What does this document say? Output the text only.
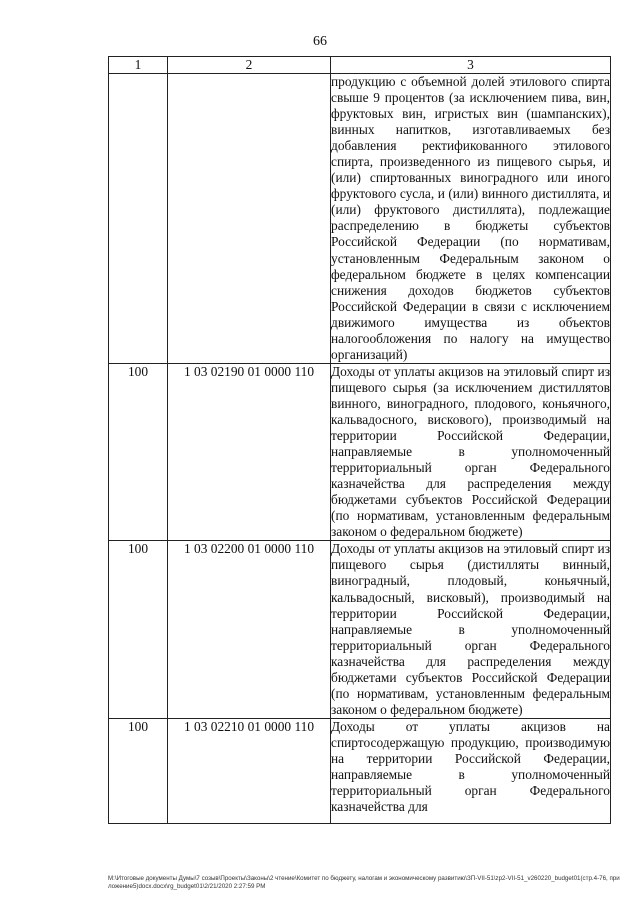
66
1	2	3
		продукцию с объемной долей этилового спирта свыше 9 процентов (за исключением пива, вин, фруктовых вин, игристых вин (шампанских), винных напитков, изготавливаемых без добавления ректификованного этилового спирта, произведенного из пищевого сырья, и (или) спиртованных виноградного или иного фруктового сусла, и (или) винного дистиллята, и (или) фруктового дистиллята), подлежащие распределению в бюджеты субъектов Российской Федерации (по нормативам, установленным Федеральным законом о федеральном бюджете в целях компенсации снижения доходов бюджетов субъектов Российской Федерации в связи с исключением движимого имущества из объектов налогообложения по налогу на имущество организаций)
100	1 03 02190 01 0000 110	Доходы от уплаты акцизов на этиловый спирт из пищевого сырья (за исключением дистиллятов винного, виноградного, плодового, коньячного, кальвадосного, вискового), производимый на территории Российской Федерации, направляемые в уполномоченный территориальный орган Федерального казначейства для распределения между бюджетами субъектов Российской Федерации (по нормативам, установленным федеральным законом о федеральном бюджете)
100	1 03 02200 01 0000 110	Доходы от уплаты акцизов на этиловый спирт из пищевого сырья (дистилляты винный, виноградный, плодовый, коньячный, кальвадосный, висковый), производимый на территории Российской Федерации, направляемые в уполномоченный территориальный орган Федерального казначейства для распределения между бюджетами субъектов Российской Федерации (по нормативам, установленным федеральным законом о федеральном бюджете)
100	1 03 02210 01 0000 110	Доходы от уплаты акцизов на спиртосодержащую продукцию, производимую на территории Российской Федерации, направляемые в уполномоченный территориальный орган Федерального казначейства для
M:\Итоговые документы Думы\7 созыв\Проекты\Законы\2 чтение\Комитет по бюджету, налогам и экономическому развитию\ЗП-VII-51\zp2-VII-51_v260220_budget01(стр.4-76, приложение5)docx.docx\rg_budget01\2/21/2020 2:27:59 PM
